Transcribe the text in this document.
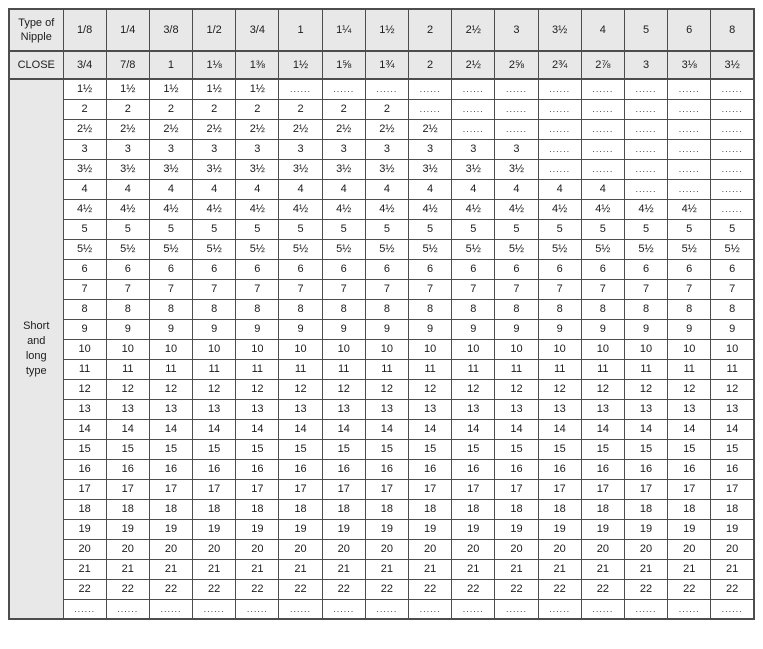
Type of Nipple	1/8	1/4	3/8	1/2	3/4	1	1¼	1½	2	2½	3	3½	4	5	6	8
CLOSE	3/4	7/8	1	1⅛	1⅜	1½	1⅝	1¾	2	2½	2⅝	2¾	2⅞	3	3⅛	3½
Short and long type	1½	1½	1½	1½	1½	......	......	......	......	......	......	......	......	......	......	......
	2	2	2	2	2	2	2	2	......	......	......	......	......	......	......	......
	2½	2½	2½	2½	2½	2½	2½	2½	2½	......	......	......	......	......	......	......
	3	3	3	3	3	3	3	3	3	3	3	......	......	......	......	......
	3½	3½	3½	3½	3½	3½	3½	3½	3½	3½	3½	......	......	......	......	......
	4	4	4	4	4	4	4	4	4	4	4	4	4	......	......	......
	4½	4½	4½	4½	4½	4½	4½	4½	4½	4½	4½	4½	4½	4½	4½	......
	5	5	5	5	5	5	5	5	5	5	5	5	5	5	5	5
	5½	5½	5½	5½	5½	5½	5½	5½	5½	5½	5½	5½	5½	5½	5½	5½
	6	6	6	6	6	6	6	6	6	6	6	6	6	6	6	6
	7	7	7	7	7	7	7	7	7	7	7	7	7	7	7	7
	8	8	8	8	8	8	8	8	8	8	8	8	8	8	8	8
	9	9	9	9	9	9	9	9	9	9	9	9	9	9	9	9
	10	10	10	10	10	10	10	10	10	10	10	10	10	10	10	10
	11	11	11	11	11	11	11	11	11	11	11	11	11	11	11	11
	12	12	12	12	12	12	12	12	12	12	12	12	12	12	12	12
	13	13	13	13	13	13	13	13	13	13	13	13	13	13	13	13
	14	14	14	14	14	14	14	14	14	14	14	14	14	14	14	14
	15	15	15	15	15	15	15	15	15	15	15	15	15	15	15	15
	16	16	16	16	16	16	16	16	16	16	16	16	16	16	16	16
	17	17	17	17	17	17	17	17	17	17	17	17	17	17	17	17
	18	18	18	18	18	18	18	18	18	18	18	18	18	18	18	18
	19	19	19	19	19	19	19	19	19	19	19	19	19	19	19	19
	20	20	20	20	20	20	20	20	20	20	20	20	20	20	20	20
	21	21	21	21	21	21	21	21	21	21	21	21	21	21	21	21
	22	22	22	22	22	22	22	22	22	22	22	22	22	22	22	22
	......	......	......	......	......	......	......	......	......	......	......	......	......	......	......	......
